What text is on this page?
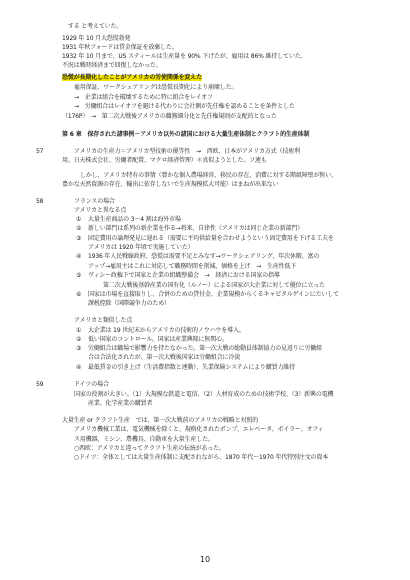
　する と考えていた。
1929 年 10 月大恐慌勃発
1931 年秋フォードは賃金保証を放棄した。
1932 年 10 月まで、US スティールは生産量を 90% 下げたが、雇用は 86% 維持していた。
不況は戦時経済まで回復しなかった。
恐慌が長期化したことがアメリカの労使関係を変えた
雇用保証、ワークシェアリングは恐慌長期化により崩壊した。
→　企業は組合を破壊するために特に組合をレイオフ
→　労働組合はレイオフを避ける代わりに会社側が先任権を認めることを条件とした
（176P）　→　第二次大戦後アメリカの職務細分化と先任権規則が支配的となった
第 6 章　保存された諸事例－アメリカ以外の諸国における大量生産体制とクラフト的生産体制
アメリカの生産力＝アメリカ型技術の優等性　→　西欧、日本がアメリカ方式（技術利
用、日天株式会社、労働者配置、マクロ経済管理）＊真似ようとした。ソ連も
しかし、アメリカ特有の事情（豊かな個人農場経営、移民の存在、消費に対する階級障壁が無い、
豊かな天然資源の存在、輸出に依存しないで生産規模拡大可能）はまねが出来ない
フランスの場合
アメリカと異なる点
大量生産商品の 3～4 割は海外市場
新しい部門は系列の新企業を作る→将来、自律性（アメリカは同じ企業の新部門）
固定費用の論理発見に遅れる（需要に平均供給量を合わせようという固定費用を下げる工夫を
アメリカは 1920 年頃で実施していた）
1936 年人民戦線政府、恐慌は需要不足とみなす→ワークシェアリング、年次休暇、富の
アップ→雇用主はこれに対応して職務時間を削減、価格を上げ　→　生産性低下
ヴィシー政権下で国家と企業の組織整備会　→　経済における国家の指導
第二次大戦後基幹産業の国有化（ルノー）による国家が大企業に対して優位に立った
国家は市場を直接取りし、合併のための貸付金、企業規模からくるキャピタルゲインにたいして
課税控除（国際競争力のため）
アメリカと類似した点
大企業は 19 世紀末からアメリカの技術的ノウハウを導入。
低い国家のコントロール。国家は産業興隆に無関心。
労働組合は職場で影響力を持たなかった。第一次大戦の総動員体制協力の見返りに労働組
合は合法化されたが、第一次大戦後国家は労働組合に冷淡
最低賃金の引き上げ（生活費指数と連動）、失業保険システムにより購買力維持
ドイツの場合
国家の役割が大きい。（1）大規模な鉄道と電信、（2）人材育成のための技術学校、（3）新興の電機
産業、化学産業の購買者
大量生産 or クラフト生産　では、第一次大戦前のアメリカの戦略と対照的
アメリカ機械工業は、電気機械を除くと、規格化されたポンプ、エレベータ、ボイラー、オフィ
ス用機器、ミシン、農機具、自動車を大量生産した。
○西欧：アメリカと違ってクラフト生産の伝統があった。
○ドイツ：全体としては大量生産体制に支配されながら、1870 年代〜1970 年代特別注文の資本
57
58
59
①
②
③
④
⑤
⑥
①
②
③
④
10
